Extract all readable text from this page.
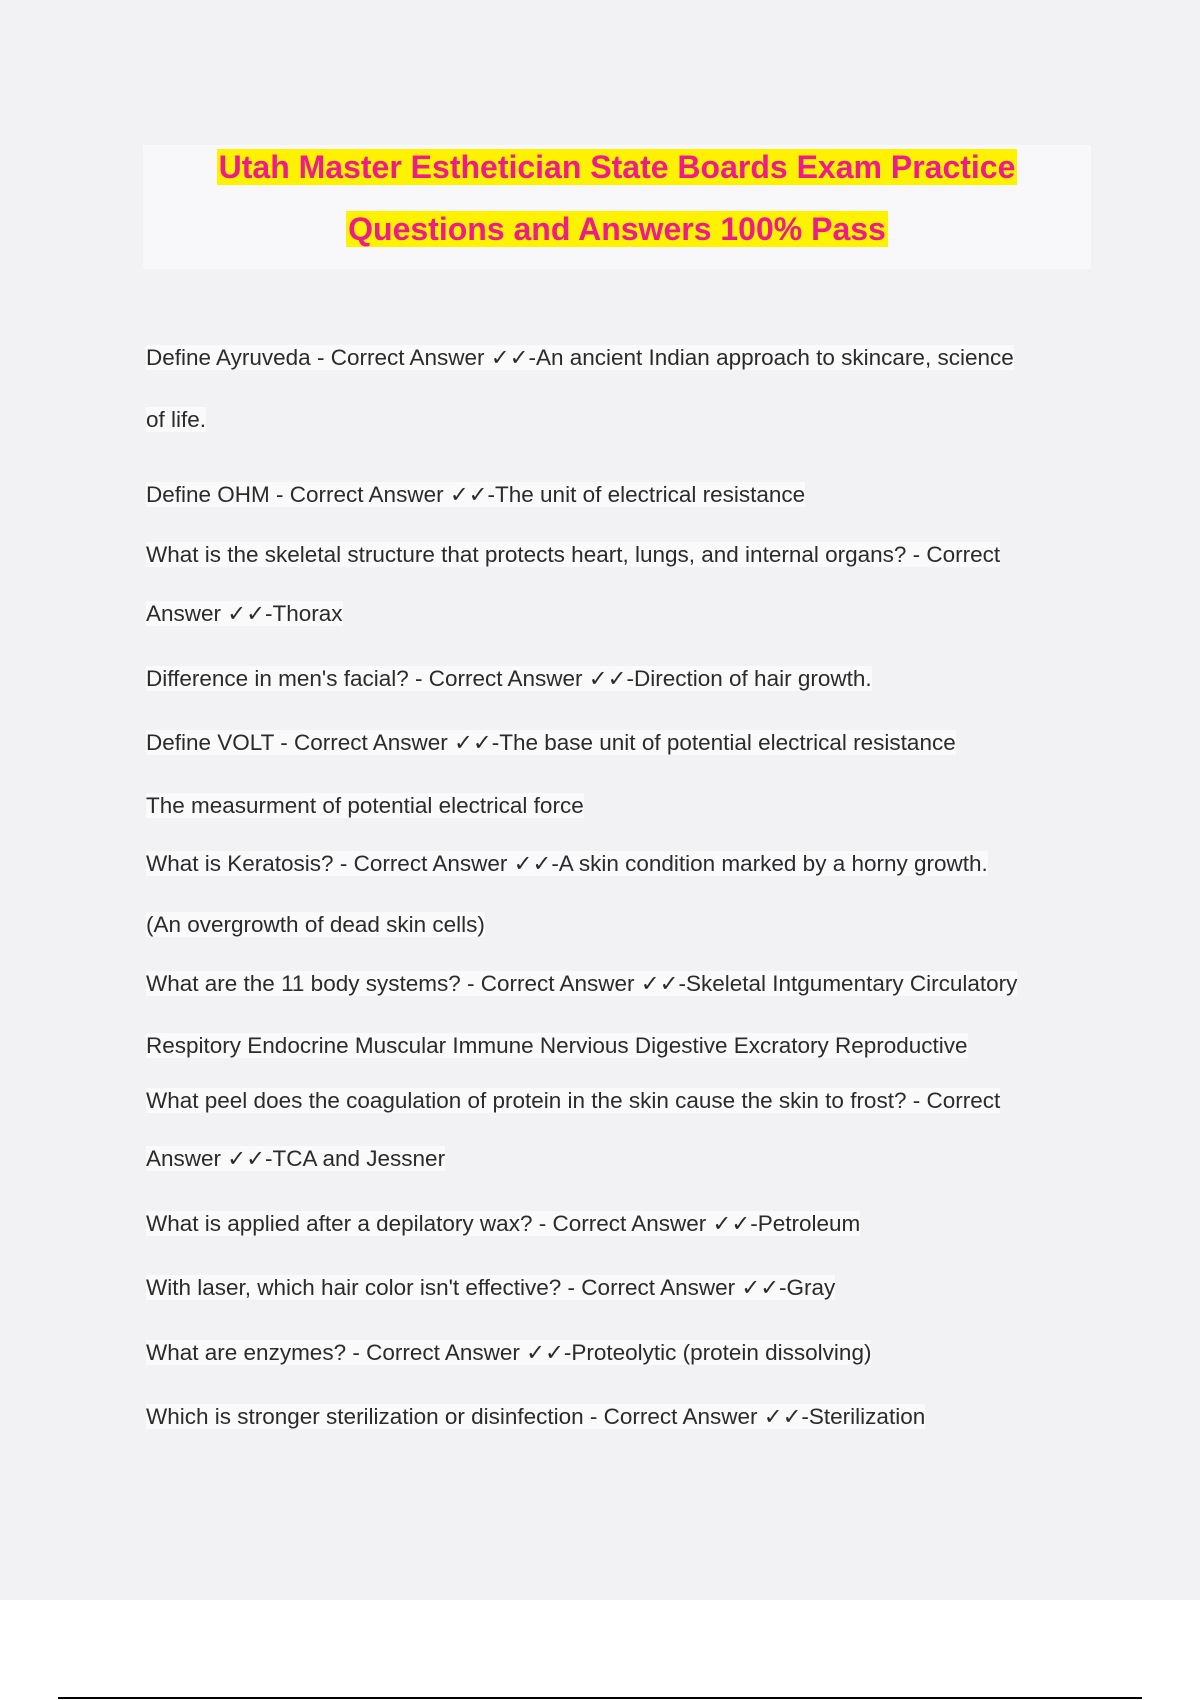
Utah Master Esthetician State Boards Exam Practice
Questions and Answers 100% Pass

Define Ayruveda - Correct Answer ✓✓-An ancient Indian approach to skincare, science

of life.

Define OHM - Correct Answer ✓✓-The unit of electrical resistance

What is the skeletal structure that protects heart, lungs, and internal organs? - Correct

Answer ✓✓-Thorax

Difference in men's facial? - Correct Answer ✓✓-Direction of hair growth.

Define VOLT - Correct Answer ✓✓-The base unit of potential electrical resistance

The measurment of potential electrical force

What is Keratosis? - Correct Answer ✓✓-A skin condition marked by a horny growth.

(An overgrowth of dead skin cells)

What are the 11 body systems? - Correct Answer ✓✓-Skeletal Intgumentary Circulatory

Respitory Endocrine Muscular Immune Nervious Digestive Excratory Reproductive

What peel does the coagulation of protein in the skin cause the skin to frost? - Correct

Answer ✓✓-TCA and Jessner

What is applied after a depilatory wax? - Correct Answer ✓✓-Petroleum

With laser, which hair color isn't effective? - Correct Answer ✓✓-Gray

What are enzymes? - Correct Answer ✓✓-Proteolytic (protein dissolving)

Which is stronger sterilization or disinfection - Correct Answer ✓✓-Sterilization
